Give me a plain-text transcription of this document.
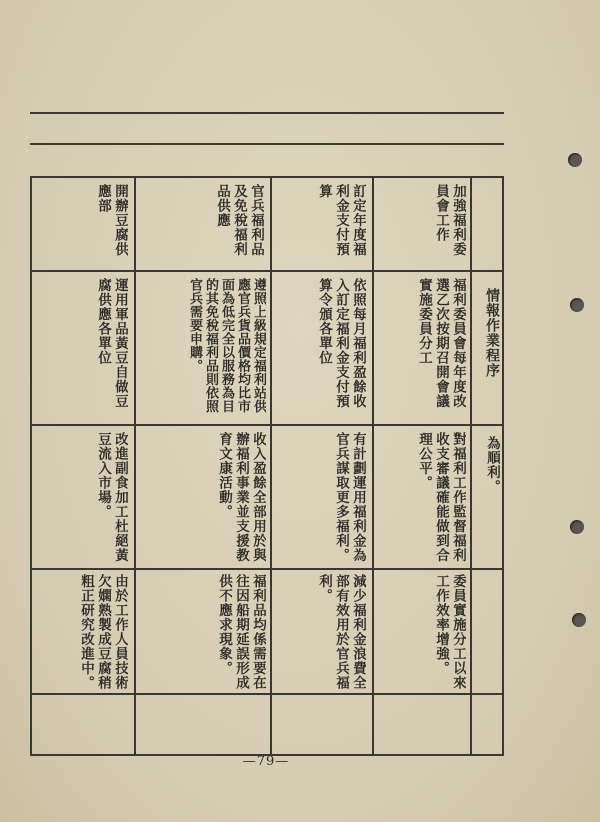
情報作業程序
為順利。
加強福利委員會工作
福利委員會每年度改選乙次按期召開會議實施委員分工
對福利工作監督福利收支審議確能做到合理公平。
委員實施分工以來工作效率增強。
訂定年度福利金支付預算
依照每月福利盈餘收入訂定福利金支付預算令頒各單位
有計劃運用福利金為官兵謀取更多福利。
減少福利金浪費全部有效用於官兵福利。
官兵福利品及免稅福利品供應
遵照上級規定福利站供應官兵貨品價格均比市面為低完全以服務為目的其免稅福利品則依照官兵需要申購。
收入盈餘全部用於與辦福利事業並支援教育文康活動。
福利品均係需要在往因船期延誤形成供不應求現象。
開辦豆腐供應部
運用軍品黃豆自做豆腐供應各單位
改進副食加工杜絕黃豆流入市場。
由於工作人員技術欠嫻熟製成豆腐稍粗正研究改進中。
—79—
